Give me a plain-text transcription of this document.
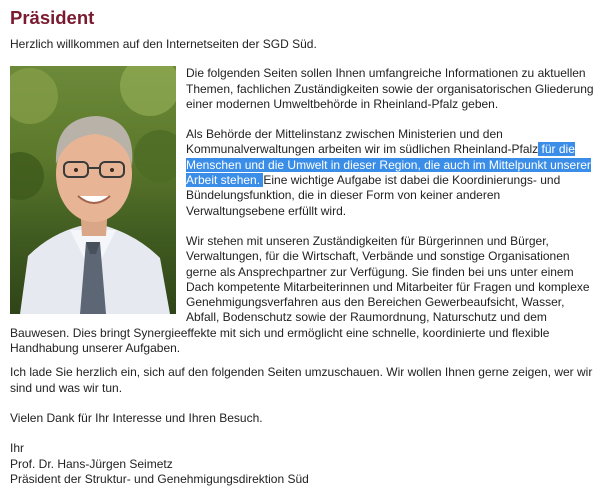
Präsident

Herzlich willkommen auf den Internetseiten der SGD Süd.

Die folgenden Seiten sollen Ihnen umfangreiche Informationen zu aktuellen Themen, fachlichen Zuständigkeiten sowie der organisatorischen Gliederung einer modernen Umweltbehörde in Rheinland-Pfalz geben.

Als Behörde der Mittelinstanz zwischen Ministerien und den Kommunalverwaltungen arbeiten wir im südlichen Rheinland-Pfalz für die Menschen und die Umwelt in dieser Region, die auch im Mittelpunkt unserer Arbeit stehen. Eine wichtige Aufgabe ist dabei die Koordinierungs- und Bündelungsfunktion, die in dieser Form von keiner anderen Verwaltungsebene erfüllt wird.

Wir stehen mit unseren Zuständigkeiten für Bürgerinnen und Bürger, Verwaltungen, für die Wirtschaft, Verbände und sonstige Organisationen gerne als Ansprechpartner zur Verfügung. Sie finden bei uns unter einem Dach kompetente Mitarbeiterinnen und Mitarbeiter für Fragen und komplexe Genehmigungsverfahren aus den Bereichen Gewerbeaufsicht, Wasser, Abfall, Bodenschutz sowie der Raumordnung, Naturschutz und dem Bauwesen. Dies bringt Synergieeffekte mit sich und ermöglicht eine schnelle, koordinierte und flexible Handhabung unserer Aufgaben.

Ich lade Sie herzlich ein, sich auf den folgenden Seiten umzuschauen. Wir wollen Ihnen gerne zeigen, wer wir sind und was wir tun.

Vielen Dank für Ihr Interesse und Ihren Besuch.

Ihr

Prof. Dr. Hans-Jürgen Seimetz

Präsident der Struktur- und Genehmigungsdirektion Süd
